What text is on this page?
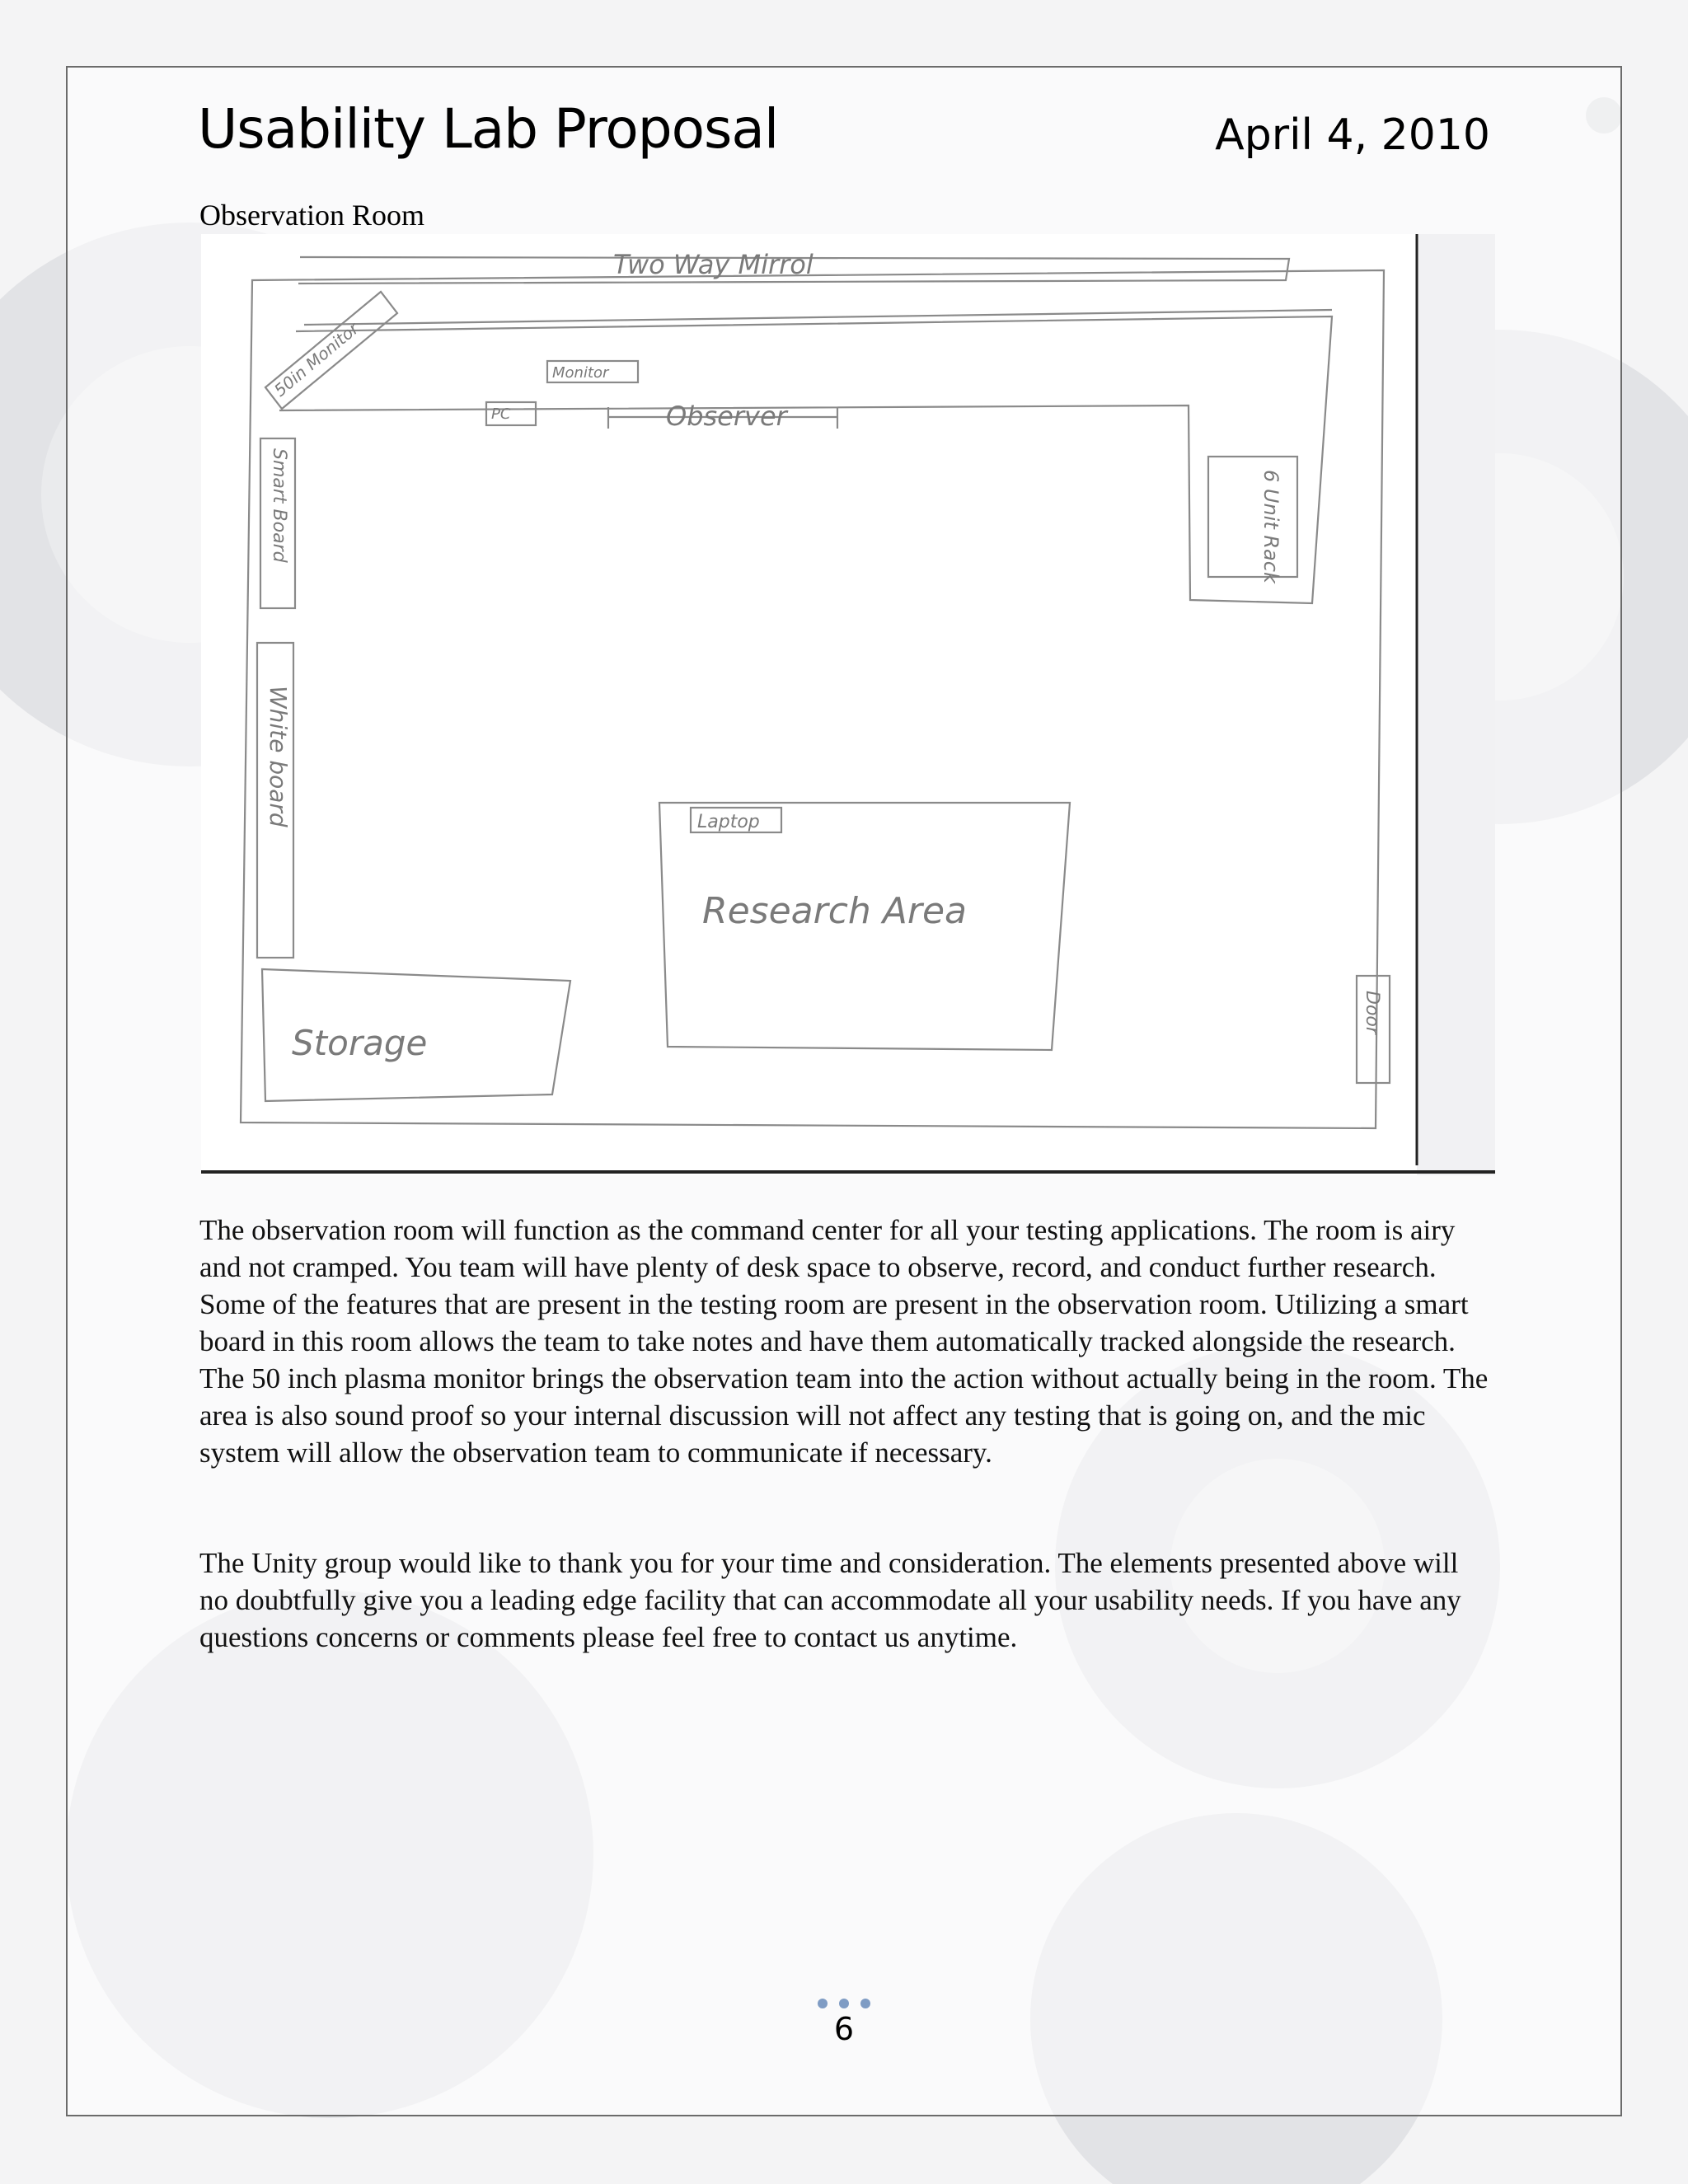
Usability Lab Proposal	April 4, 2010
Observation Room
Two Way Mirrol
50in Monitor	Monitor
PC	Observer
Smart Board	6 Unit Rack
White board	Laptop
Research Area
Storage
Door

The observation room will function as the command center for all your testing applications. The room is airy and not cramped. You team will have plenty of desk space to observe, record, and conduct further research. Some of the features that are present in the testing room are present in the observation room. Utilizing a smart board in this room allows the team to take notes and have them automatically tracked alongside the research. The 50 inch plasma monitor brings the observation team into the action without actually being in the room. The area is also sound proof so your internal discussion will not affect any testing that is going on, and the mic system will allow the observation team to communicate if necessary.

The Unity group would like to thank you for your time and consideration. The elements presented above will no doubtfully give you a leading edge facility that can accommodate all your usability needs. If you have any questions concerns or comments please feel free to contact us anytime.

6
